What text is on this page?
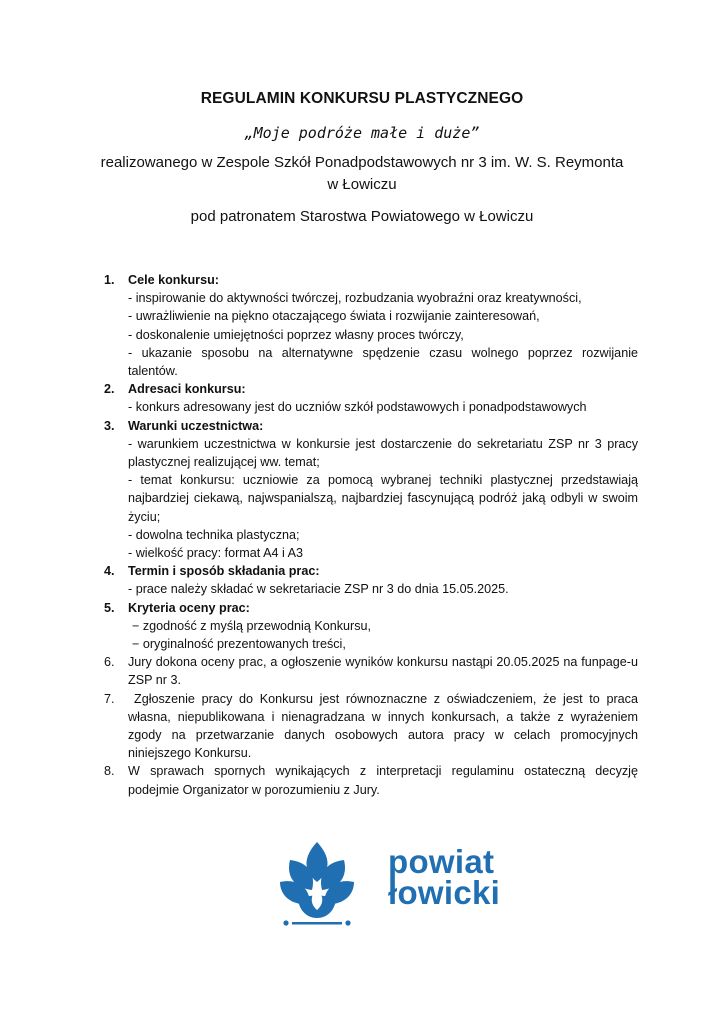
REGULAMIN KONKURSU PLASTYCZNEGO
„Moje podróże małe i duże”
realizowanego w Zespole Szkół Ponadpodstawowych nr 3 im. W. S. Reymonta
w Łowiczu
pod patronatem Starostwa Powiatowego w Łowiczu
1.	Cele konkursu:
- inspirowanie do aktywności twórczej, rozbudzania wyobraźni oraz kreatywności,
- uwrażliwienie na piękno otaczającego świata i rozwijanie zainteresowań,
- doskonalenie umiejętności poprzez własny proces twórczy,
- ukazanie sposobu na alternatywne spędzenie czasu wolnego poprzez rozwijanie talentów.
2.	Adresaci konkursu:
- konkurs adresowany jest do uczniów szkół podstawowych i ponadpodstawowych
3.	Warunki uczestnictwa:
- warunkiem uczestnictwa w konkursie jest dostarczenie do sekretariatu ZSP nr 3 pracy plastycznej realizującej ww. temat;
- temat konkursu: uczniowie za pomocą wybranej techniki plastycznej przedstawiają najbardziej ciekawą, najwspanialszą, najbardziej fascynującą podróż jaką odbyli w swoim życiu;
- dowolna technika plastyczna;
- wielkość pracy: format A4 i A3
4.	Termin i sposób składania prac:
- prace należy składać w sekretariacie ZSP nr 3 do dnia 15.05.2025.
5.	Kryteria oceny prac:
− zgodność z myślą przewodnią Konkursu,
− oryginalność prezentowanych treści,
6.	Jury dokona oceny prac, a ogłoszenie wyników konkursu nastąpi 20.05.2025 na funpage-u ZSP nr 3.
7.	Zgłoszenie pracy do Konkursu jest równoznaczne z oświadczeniem, że jest to praca własna, niepublikowana i nienagradzana w innych konkursach, a także z wyrażeniem zgody na przetwarzanie danych osobowych autora pracy w celach promocyjnych niniejszego Konkursu.
8.	W sprawach spornych wynikających z interpretacji regulaminu ostateczną decyzję podejmie Organizator w porozumieniu z Jury.
powiat
łowicki
